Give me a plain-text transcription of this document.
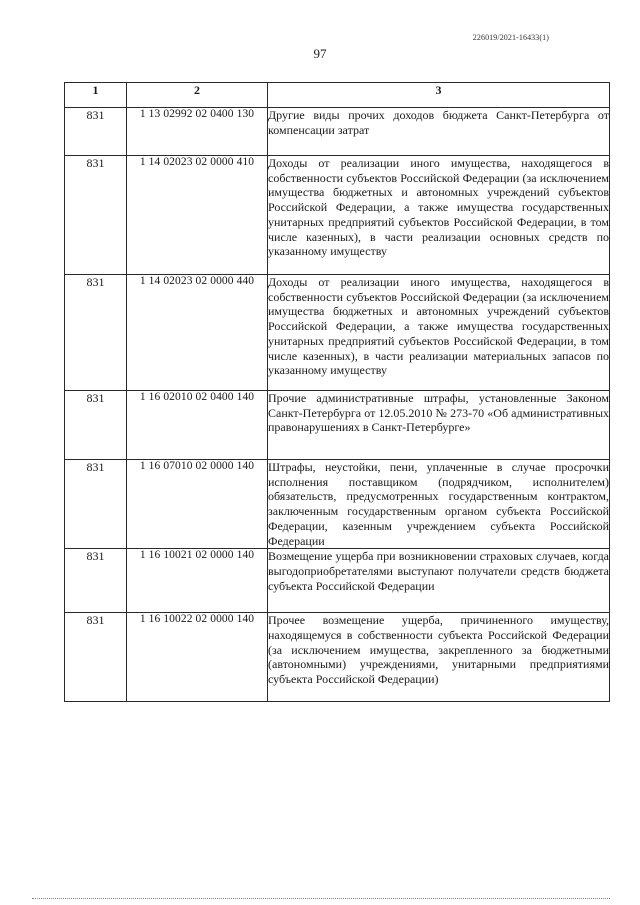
226019/2021-16433(1)
97
1	2	3
831	1 13 02992 02 0400 130	Другие виды прочих доходов бюджета Санкт-Петербурга от компенсации затрат
831	1 14 02023 02 0000 410	Доходы от реализации иного имущества, находящегося в собственности субъектов Российской Федерации (за исключением имущества бюджетных и автономных учреждений субъектов Российской Федерации, а также имущества государственных унитарных предприятий субъектов Российской Федерации, в том числе казенных), в части реализации основных средств по указанному имуществу
831	1 14 02023 02 0000 440	Доходы от реализации иного имущества, находящегося в собственности субъектов Российской Федерации (за исключением имущества бюджетных и автономных учреждений субъектов Российской Федерации, а также имущества государственных унитарных предприятий субъектов Российской Федерации, в том числе казенных), в части реализации материальных запасов по указанному имуществу
831	1 16 02010 02 0400 140	Прочие административные штрафы, установленные Законом Санкт-Петербурга от 12.05.2010 № 273-70 «Об административных правонарушениях в Санкт-Петербурге»
831	1 16 07010 02 0000 140	Штрафы, неустойки, пени, уплаченные в случае просрочки исполнения поставщиком (подрядчиком, исполнителем) обязательств, предусмотренных государственным контрактом, заключенным государственным органом субъекта Российской Федерации, казенным учреждением субъекта Российской Федерации
831	1 16 10021 02 0000 140	Возмещение ущерба при возникновении страховых случаев, когда выгодоприобретателями выступают получатели средств бюджета субъекта Российской Федерации
831	1 16 10022 02 0000 140	Прочее возмещение ущерба, причиненного имуществу, находящемуся в собственности субъекта Российской Федерации (за исключением имущества, закрепленного за бюджетными (автономными) учреждениями, унитарными предприятиями субъекта Российской Федерации)
